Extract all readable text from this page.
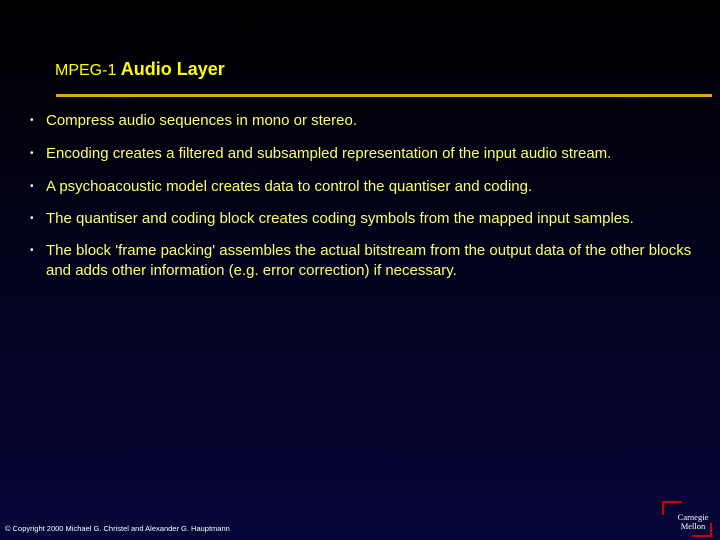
MPEG-1 Audio Layer
• Compress audio sequences in mono or stereo.
• Encoding creates a filtered and subsampled representation of the input audio stream.
• A psychoacoustic model creates data to control the quantiser and coding.
• The quantiser and coding block creates coding symbols from the mapped input samples.
• The block 'frame packing' assembles the actual bitstream from the output data of the other blocks and adds other information (e.g. error correction) if necessary.
© Copyright 2000 Michael G. Christel and Alexander G. Hauptmann
Carnegie
Mellon
